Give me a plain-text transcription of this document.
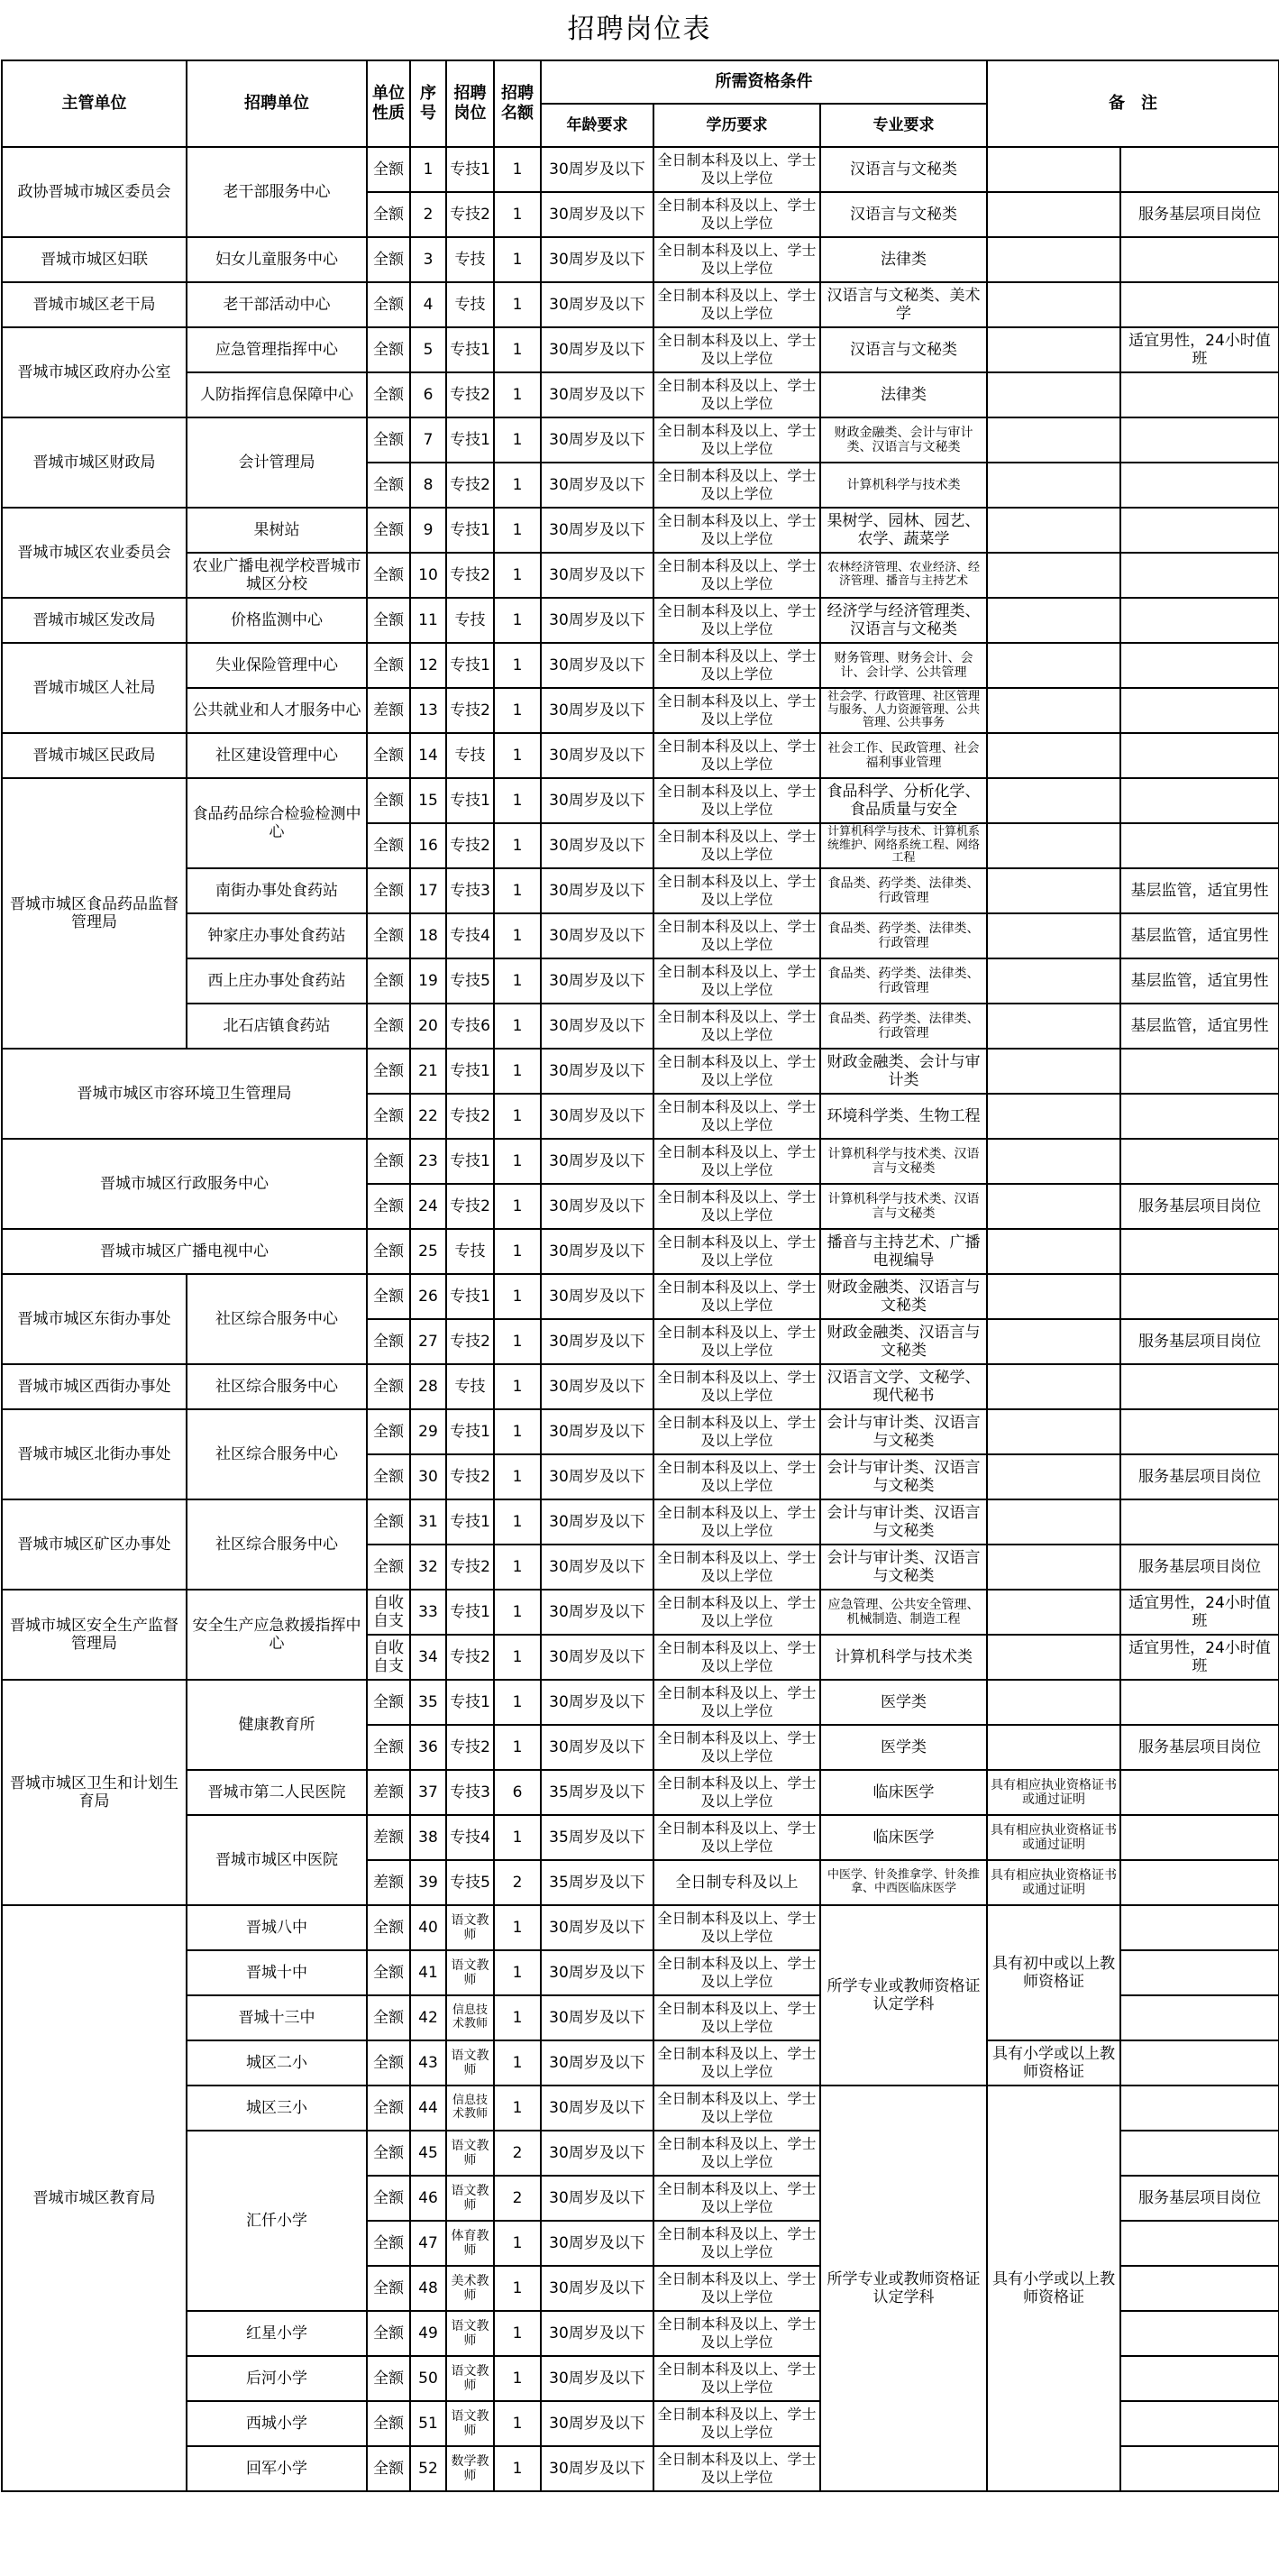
招聘岗位表
主管单位	招聘单位	单位性质	序号	招聘岗位	招聘名额	所需资格条件			备　注	
						年龄要求	学历要求	专业要求		
政协晋城市城区委员会	老干部服务中心	全额	1	专技1	1	30周岁及以下	全日制本科及以上、学士及以上学位	汉语言与文秘类		
		全额	2	专技2	1	30周岁及以下	全日制本科及以上、学士及以上学位	汉语言与文秘类		服务基层项目岗位
晋城市城区妇联	妇女儿童服务中心	全额	3	专技	1	30周岁及以下	全日制本科及以上、学士及以上学位	法律类		
晋城市城区老干局	老干部活动中心	全额	4	专技	1	30周岁及以下	全日制本科及以上、学士及以上学位	汉语言与文秘类、美术学		
晋城市城区政府办公室	应急管理指挥中心	全额	5	专技1	1	30周岁及以下	全日制本科及以上、学士及以上学位	汉语言与文秘类		适宜男性，24小时值班
	人防指挥信息保障中心	全额	6	专技2	1	30周岁及以下	全日制本科及以上、学士及以上学位	法律类		
晋城市城区财政局	会计管理局	全额	7	专技1	1	30周岁及以下	全日制本科及以上、学士及以上学位	财政金融类、会计与审计类、汉语言与文秘类		
		全额	8	专技2	1	30周岁及以下	全日制本科及以上、学士及以上学位	计算机科学与技术类		
晋城市城区农业委员会	果树站	全额	9	专技1	1	30周岁及以下	全日制本科及以上、学士及以上学位	果树学、园林、园艺、农学、蔬菜学		
	农业广播电视学校晋城市城区分校	全额	10	专技2	1	30周岁及以下	全日制本科及以上、学士及以上学位	农林经济管理、农业经济、经济管理、播音与主持艺术		
晋城市城区发改局	价格监测中心	全额	11	专技	1	30周岁及以下	全日制本科及以上、学士及以上学位	经济学与经济管理类、汉语言与文秘类		
晋城市城区人社局	失业保险管理中心	全额	12	专技1	1	30周岁及以下	全日制本科及以上、学士及以上学位	财务管理、财务会计、会计、会计学、公共管理		
	公共就业和人才服务中心	差额	13	专技2	1	30周岁及以下	全日制本科及以上、学士及以上学位	社会学、行政管理、社区管理与服务、人力资源管理、公共管理、公共事务		
晋城市城区民政局	社区建设管理中心	全额	14	专技	1	30周岁及以下	全日制本科及以上、学士及以上学位	社会工作、民政管理、社会福利事业管理		
晋城市城区食品药品监督管理局	食品药品综合检验检测中心	全额	15	专技1	1	30周岁及以下	全日制本科及以上、学士及以上学位	食品科学、分析化学、食品质量与安全		
		全额	16	专技2	1	30周岁及以下	全日制本科及以上、学士及以上学位	计算机科学与技术、计算机系统维护、网络系统工程、网络工程		
	南街办事处食药站	全额	17	专技3	1	30周岁及以下	全日制本科及以上、学士及以上学位	食品类、药学类、法律类、行政管理		基层监管，适宜男性
	钟家庄办事处食药站	全额	18	专技4	1	30周岁及以下	全日制本科及以上、学士及以上学位	食品类、药学类、法律类、行政管理		基层监管，适宜男性
	西上庄办事处食药站	全额	19	专技5	1	30周岁及以下	全日制本科及以上、学士及以上学位	食品类、药学类、法律类、行政管理		基层监管，适宜男性
	北石店镇食药站	全额	20	专技6	1	30周岁及以下	全日制本科及以上、学士及以上学位	食品类、药学类、法律类、行政管理		基层监管，适宜男性
晋城市城区市容环境卫生管理局		全额	21	专技1	1	30周岁及以下	全日制本科及以上、学士及以上学位	财政金融类、会计与审计类		
		全额	22	专技2	1	30周岁及以下	全日制本科及以上、学士及以上学位	环境科学类、生物工程		
晋城市城区行政服务中心		全额	23	专技1	1	30周岁及以下	全日制本科及以上、学士及以上学位	计算机科学与技术类、汉语言与文秘类		
		全额	24	专技2	1	30周岁及以下	全日制本科及以上、学士及以上学位	计算机科学与技术类、汉语言与文秘类		服务基层项目岗位
晋城市城区广播电视中心		全额	25	专技	1	30周岁及以下	全日制本科及以上、学士及以上学位	播音与主持艺术、广播电视编导		
晋城市城区东街办事处	社区综合服务中心	全额	26	专技1	1	30周岁及以下	全日制本科及以上、学士及以上学位	财政金融类、汉语言与文秘类		
		全额	27	专技2	1	30周岁及以下	全日制本科及以上、学士及以上学位	财政金融类、汉语言与文秘类		服务基层项目岗位
晋城市城区西街办事处	社区综合服务中心	全额	28	专技	1	30周岁及以下	全日制本科及以上、学士及以上学位	汉语言文学、文秘学、现代秘书		
晋城市城区北街办事处	社区综合服务中心	全额	29	专技1	1	30周岁及以下	全日制本科及以上、学士及以上学位	会计与审计类、汉语言与文秘类		
		全额	30	专技2	1	30周岁及以下	全日制本科及以上、学士及以上学位	会计与审计类、汉语言与文秘类		服务基层项目岗位
晋城市城区矿区办事处	社区综合服务中心	全额	31	专技1	1	30周岁及以下	全日制本科及以上、学士及以上学位	会计与审计类、汉语言与文秘类		
		全额	32	专技2	1	30周岁及以下	全日制本科及以上、学士及以上学位	会计与审计类、汉语言与文秘类		服务基层项目岗位
晋城市城区安全生产监督管理局	安全生产应急救援指挥中心	自收自支	33	专技1	1	30周岁及以下	全日制本科及以上、学士及以上学位	应急管理、公共安全管理、机械制造、制造工程		适宜男性，24小时值班
		自收自支	34	专技2	1	30周岁及以下	全日制本科及以上、学士及以上学位	计算机科学与技术类		适宜男性，24小时值班
晋城市城区卫生和计划生育局	健康教育所	全额	35	专技1	1	30周岁及以下	全日制本科及以上、学士及以上学位	医学类		
		全额	36	专技2	1	30周岁及以下	全日制本科及以上、学士及以上学位	医学类		服务基层项目岗位
	晋城市第二人民医院	差额	37	专技3	6	35周岁及以下	全日制本科及以上、学士及以上学位	临床医学	具有相应执业资格证书或通过证明	
	晋城市城区中医院	差额	38	专技4	1	35周岁及以下	全日制本科及以上、学士及以上学位	临床医学	具有相应执业资格证书或通过证明	
		差额	39	专技5	2	35周岁及以下	全日制专科及以上	中医学、针灸推拿学、针灸推拿、中西医临床医学	具有相应执业资格证书或通过证明	
晋城市城区教育局	晋城八中	全额	40	语文教师	1	30周岁及以下	全日制本科及以上、学士及以上学位	所学专业或教师资格证认定学科	具有初中或以上教师资格证	
	晋城十中	全额	41	语文教师	1	30周岁及以下	全日制本科及以上、学士及以上学位			
	晋城十三中	全额	42	信息技术教师	1	30周岁及以下	全日制本科及以上、学士及以上学位			
	城区二小	全额	43	语文教师	1	30周岁及以下	全日制本科及以上、学士及以上学位		具有小学或以上教师资格证	
	城区三小	全额	44	信息技术教师	1	30周岁及以下	全日制本科及以上、学士及以上学位	所学专业或教师资格证认定学科	具有小学或以上教师资格证	
	汇仟小学	全额	45	语文教师	2	30周岁及以下	全日制本科及以上、学士及以上学位			
		全额	46	语文教师	2	30周岁及以下	全日制本科及以上、学士及以上学位			服务基层项目岗位
		全额	47	体育教师	1	30周岁及以下	全日制本科及以上、学士及以上学位			
		全额	48	美术教师	1	30周岁及以下	全日制本科及以上、学士及以上学位			
	红星小学	全额	49	语文教师	1	30周岁及以下	全日制本科及以上、学士及以上学位			
	后河小学	全额	50	语文教师	1	30周岁及以下	全日制本科及以上、学士及以上学位			
	西城小学	全额	51	语文教师	1	30周岁及以下	全日制本科及以上、学士及以上学位			
	回军小学	全额	52	数学教师	1	30周岁及以下	全日制本科及以上、学士及以上学位			
